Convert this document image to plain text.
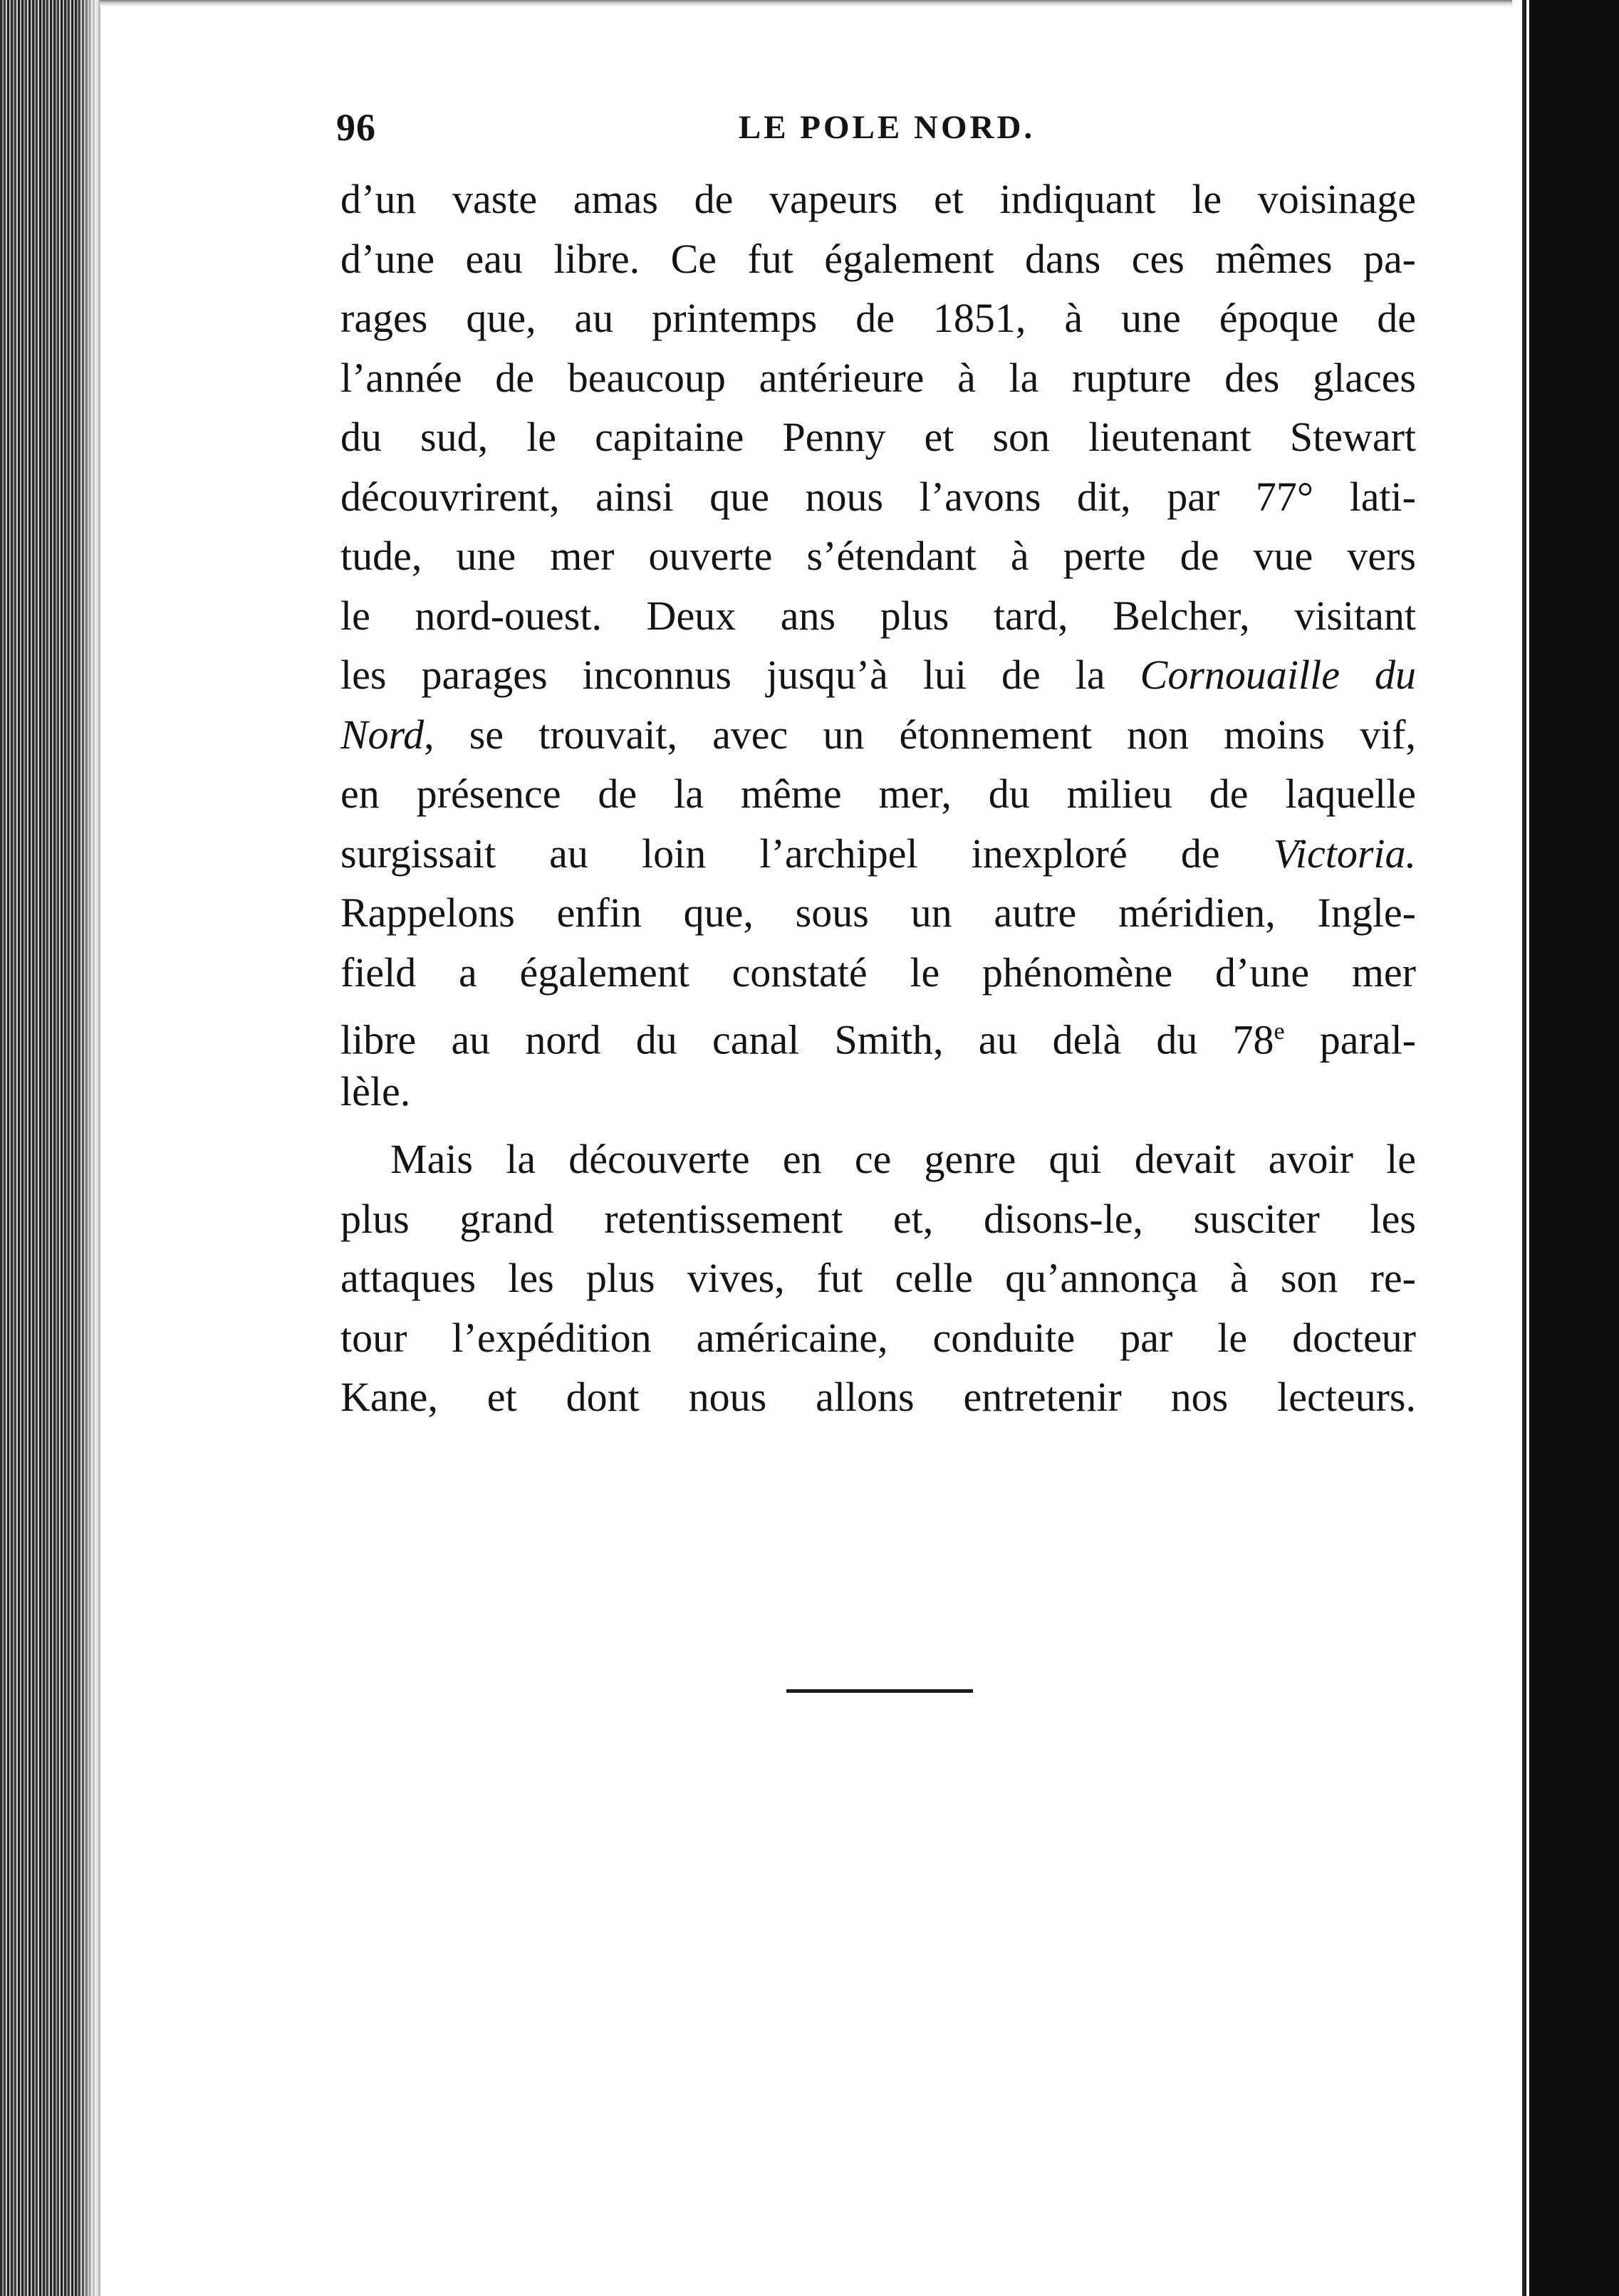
96	LE POLE NORD.
d’un vaste amas de vapeurs et indiquant le voisinage
d’une eau libre. Ce fut également dans ces mêmes pa-
rages que, au printemps de 1851, à une époque de
l’année de beaucoup antérieure à la rupture des glaces
du sud, le capitaine Penny et son lieutenant Stewart
découvrirent, ainsi que nous l’avons dit, par 77° lati-
tude, une mer ouverte s’étendant à perte de vue vers
le nord-ouest. Deux ans plus tard, Belcher, visitant
les parages inconnus jusqu’à lui de la Cornouaille du
Nord, se trouvait, avec un étonnement non moins vif,
en présence de la même mer, du milieu de laquelle
surgissait au loin l’archipel inexploré de Victoria.
Rappelons enfin que, sous un autre méridien, Ingle-
field a également constaté le phénomène d’une mer
libre au nord du canal Smith, au delà du 78e paral-
lèle.
Mais la découverte en ce genre qui devait avoir le
plus grand retentissement et, disons-le, susciter les
attaques les plus vives, fut celle qu’annonça à son re-
tour l’expédition américaine, conduite par le docteur
Kane, et dont nous allons entretenir nos lecteurs.
